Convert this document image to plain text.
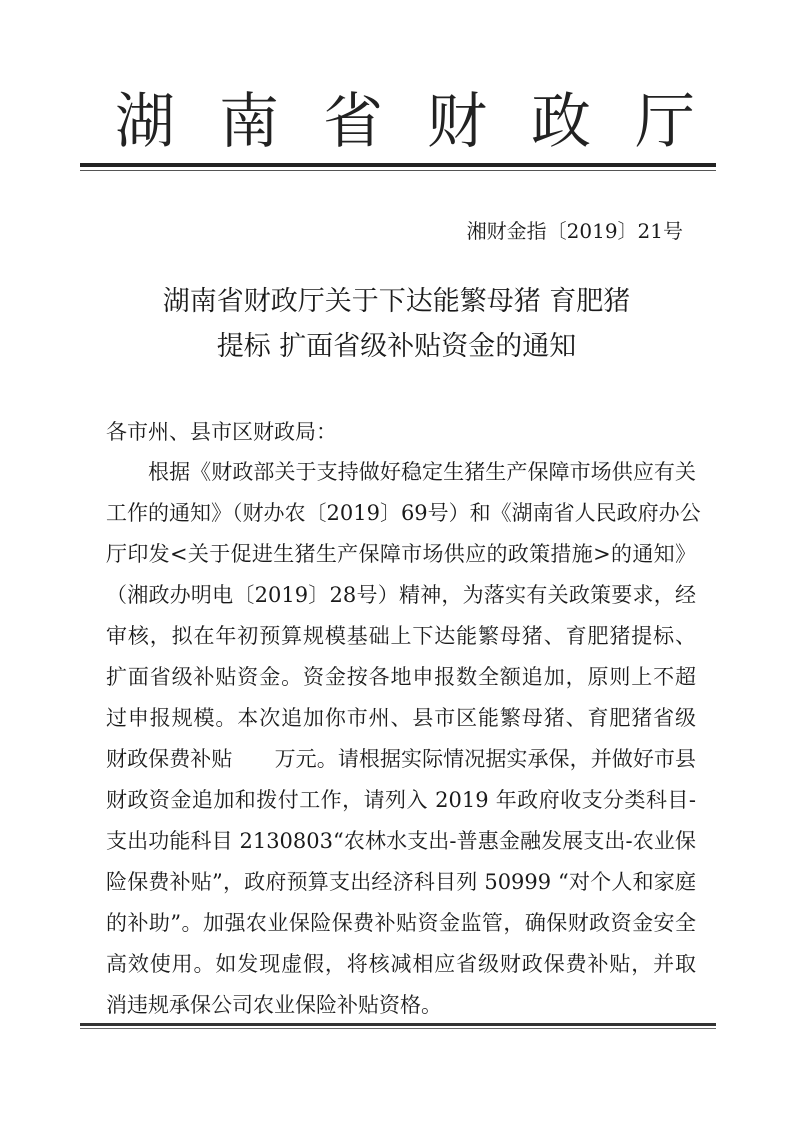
湖 南 省 财 政 厅
湘财金指〔2019〕21号
湖南省财政厅关于下达能繁母猪 育肥猪
提标 扩面省级补贴资金的通知
各市州、县市区财政局：
根据《财政部关于支持做好稳定生猪生产保障市场供应有关
工作的通知》（财办农〔2019〕69号）和《湖南省人民政府办公
厅印发<关于促进生猪生产保障市场供应的政策措施>的通知》
（湘政办明电〔2019〕28号）精神，为落实有关政策要求，经
审核，拟在年初预算规模基础上下达能繁母猪、育肥猪提标、
扩面省级补贴资金。资金按各地申报数全额追加，原则上不超
过申报规模。本次追加你市州、县市区能繁母猪、育肥猪省级
财政保费补贴　　万元。请根据实际情况据实承保，并做好市县
财政资金追加和拨付工作，请列入 2019 年政府收支分类科目-
支出功能科目 2130803“农林水支出-普惠金融发展支出-农业保
险保费补贴”，政府预算支出经济科目列 50999 “对个人和家庭
的补助”。加强农业保险保费补贴资金监管，确保财政资金安全
高效使用。如发现虚假，将核减相应省级财政保费补贴，并取
消违规承保公司农业保险补贴资格。
